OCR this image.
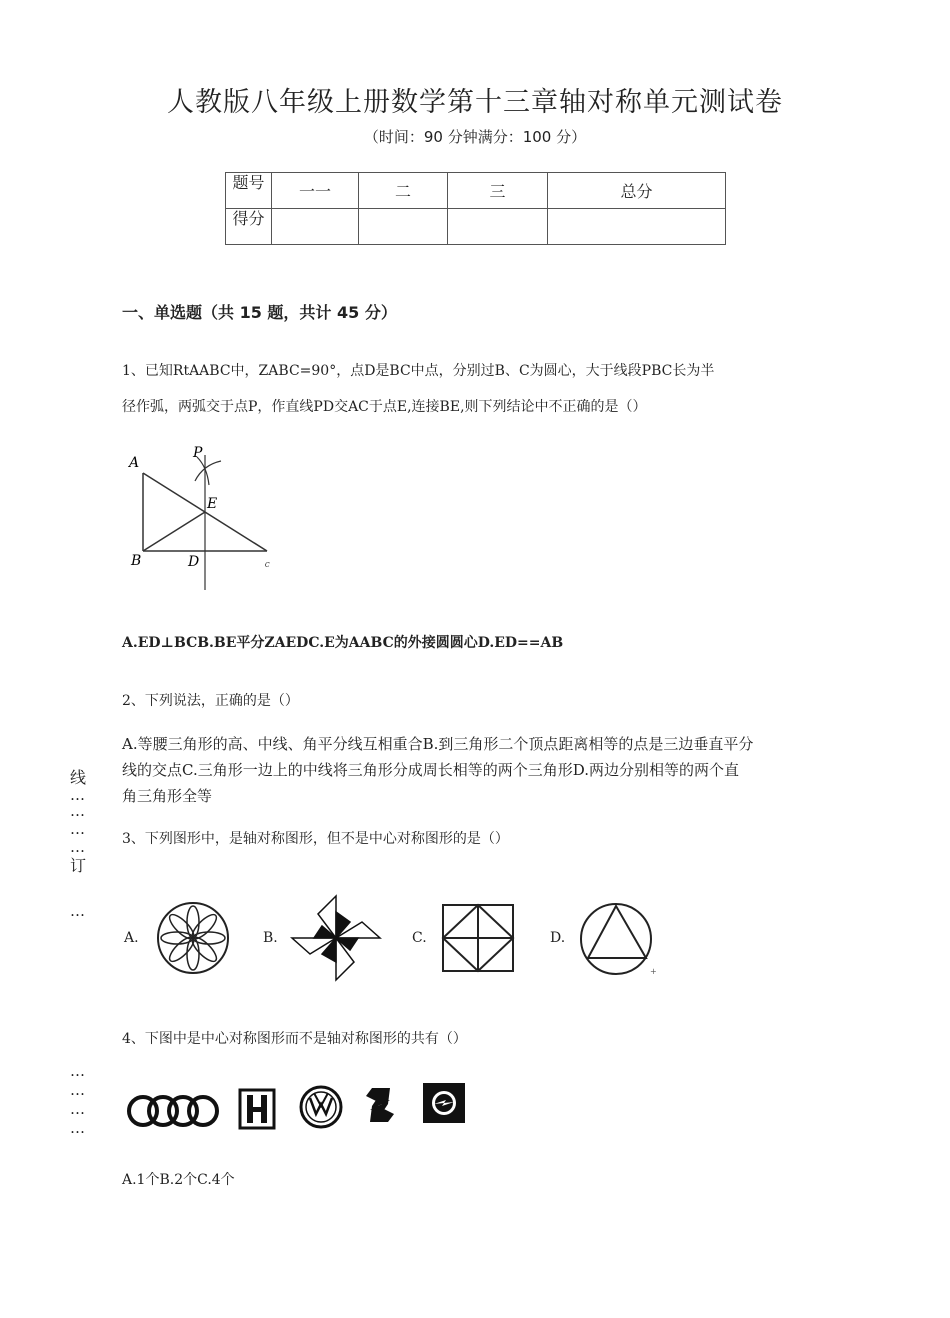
人教版八年级上册数学第十三章轴对称单元测试卷
（时间：90 分钟满分：100 分）
题号	一一	二	三	总分
得分				
一、单选题（共 15 题，共计 45 分）
1、已知RtAABC中，ZABC=90°，点D是BC中点，分别过B、C为圆心，大于线段PBC长为半
径作弧，两弧交于点P，作直线PD交AC于点E,连接BE,则下列结论中不正确的是（）
A
P
E
B	D	C
A.ED⊥BCB.BE平分ZAEDC.E为AABC的外接圆圆心D.ED==AB
2、下列说法，正确的是（）
A.等腰三角形的高、中线、角平分线互相重合B.到三角形二个顶点距离相等的点是三边垂直平分
线的交点C.三角形一边上的中线将三角形分成周长相等的两个三角形D.两边分别相等的两个直
角三角形全等
3、下列图形中，是轴对称图形，但不是中心对称图形的是（）
A.	B.	C.	D.
+
4、下图中是中心对称图形而不是轴对称图形的共有（）
A.1个B.2个C.4个
线
…
…
…
…
订
…
…
…
…
…
